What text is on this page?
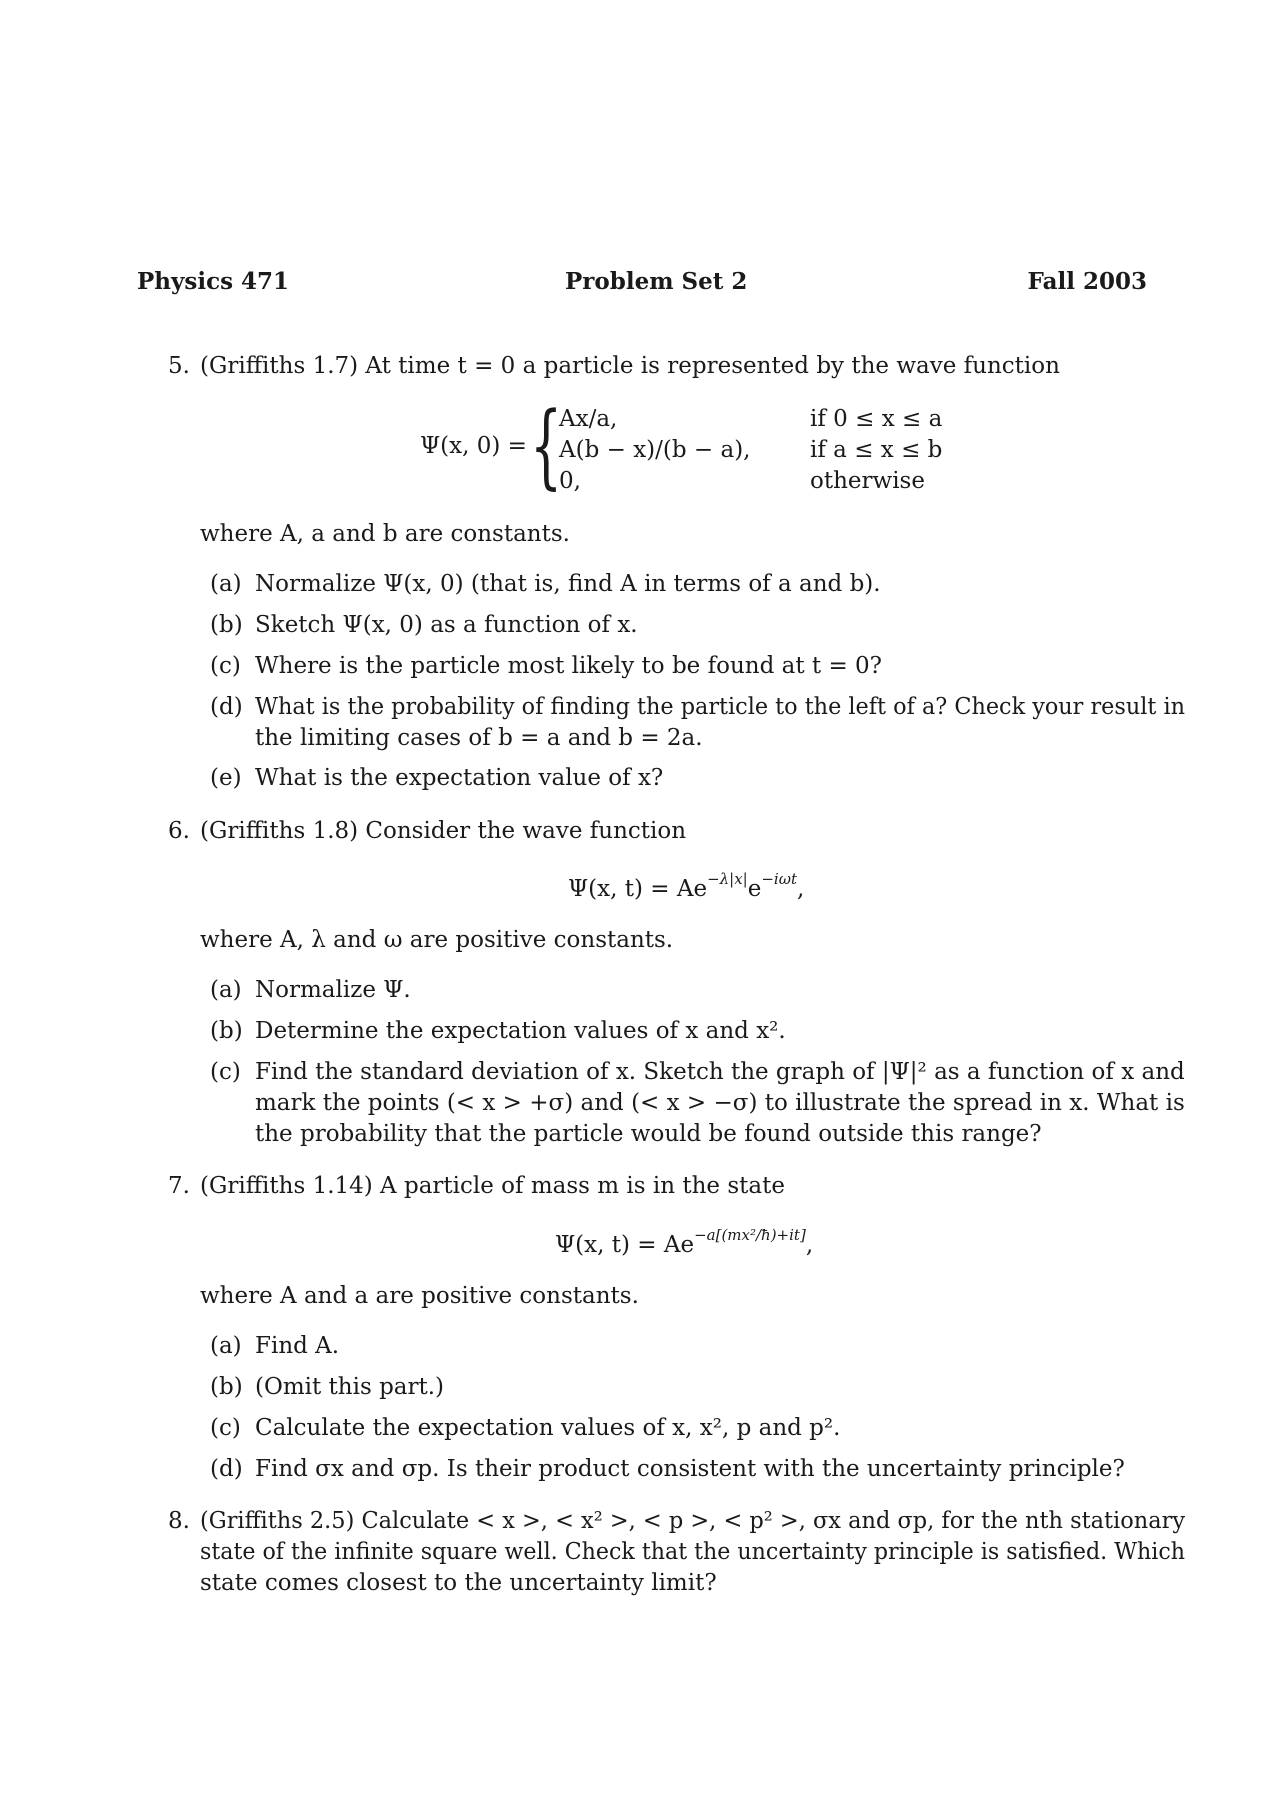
Physics 471	Problem Set 2	Fall 2003
5. (Griffiths 1.7) At time t = 0 a particle is represented by the wave function
Ψ(x, 0) = {
Ax/a,	if 0 ≤ x ≤ a
A(b − x)/(b − a),	if a ≤ x ≤ b
0,	otherwise
where A, a and b are constants.
(a) Normalize Ψ(x, 0) (that is, find A in terms of a and b).
(b) Sketch Ψ(x, 0) as a function of x.
(c) Where is the particle most likely to be found at t = 0?
(d) What is the probability of finding the particle to the left of a? Check your result in
the limiting cases of b = a and b = 2a.
(e) What is the expectation value of x?
6. (Griffiths 1.8) Consider the wave function
Ψ(x, $t) = Ae^{-\lambda|x|}e^{-i\omega t}$,
where A, λ and ω are positive constants.
(a) Normalize Ψ.
(b) Determine the expectation values of x and x².
(c) Find the standard deviation of x. Sketch the graph of |Ψ|² as a function of x and
mark the points (< x > +σ) and (< x > −σ) to illustrate the spread in x. What is
the probability that the particle would be found outside this range?
7. (Griffiths 1.14) A particle of mass m is in the state
Ψ(x, $t) = Ae^{-a[(mx^2/ħ)+it]}$,
where A and a are positive constants.
(a) Find A.
(b) (Omit this part.)
(c) Calculate the expectation values of x, x², p and p².
(d) Find σx and σp. Is their product consistent with the uncertainty principle?
8. (Griffiths 2.5) Calculate < x >, < x² >, < p >, < p² >, σx and σp, for the nth stationary
state of the infinite square well. Check that the uncertainty principle is satisfied. Which
state comes closest to the uncertainty limit?
